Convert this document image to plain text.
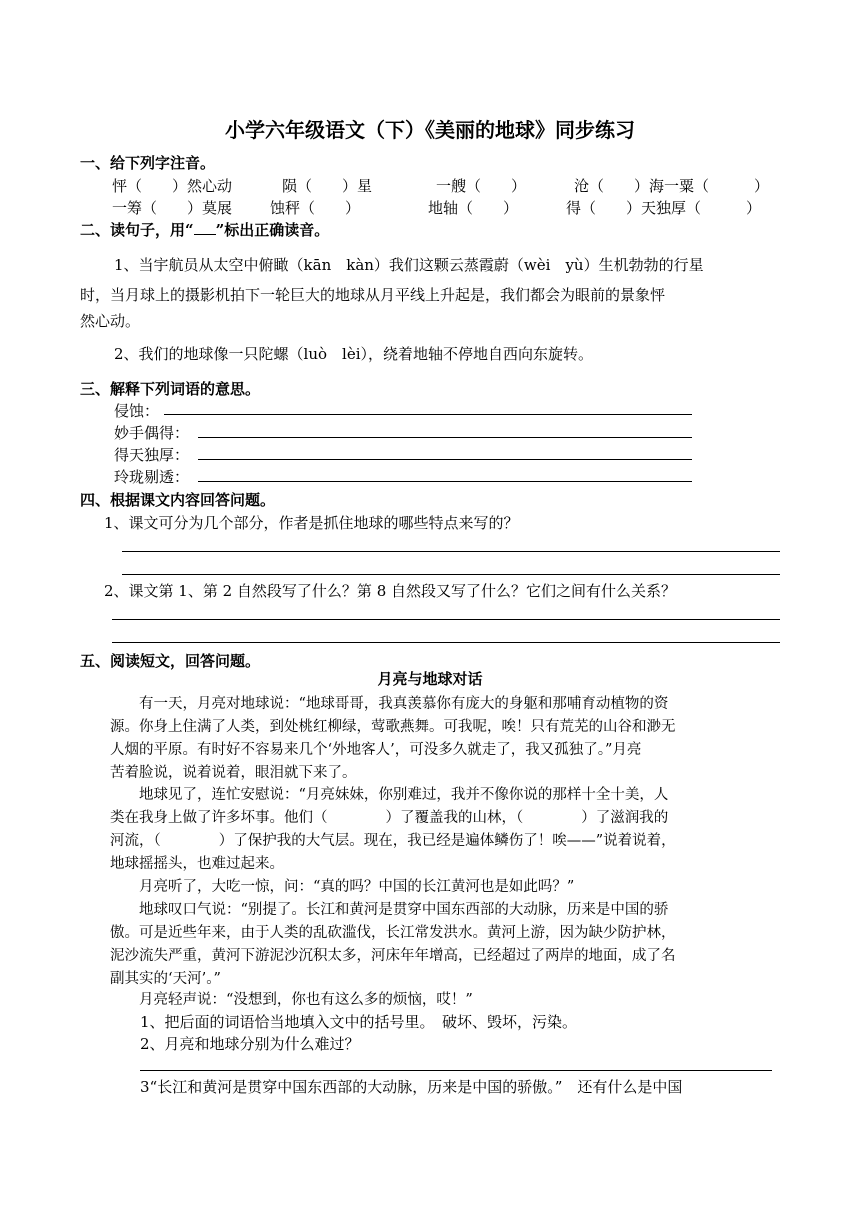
小学六年级语文（下）《美丽的地球》同步练习
一、给下列字注音。
怦（　　）然心动	陨（　　）星	一艘（　　）	沧（　　）海一粟（　　　）
一筹（　　）莫展	蚀秤（　　）	地轴（　　）	得（　　）天独厚（　　　）
二、读句子，用“ ”标出正确读音。
1、当宇航员从太空中俯瞰（kān　kàn）我们这颗云蒸霞蔚（wèi　yù）生机勃勃的行星
时，当月球上的摄影机拍下一轮巨大的地球从月平线上升起是，我们都会为眼前的景象怦
然心动。
2、我们的地球像一只陀螺（luò　lèi），绕着地轴不停地自西向东旋转。
三、解释下列词语的意思。
侵蚀：
妙手偶得：
得天独厚：
玲珑剔透：
四、根据课文内容回答问题。
1、课文可分为几个部分，作者是抓住地球的哪些特点来写的？
2、课文第 1、第 2 自然段写了什么？第 8 自然段又写了什么？它们之间有什么关系？
五、阅读短文，回答问题。
月亮与地球对话
　　有一天，月亮对地球说：“地球哥哥，我真羡慕你有庞大的身躯和那哺育动植物的资
源。你身上住满了人类，到处桃红柳绿，莺歌燕舞。可我呢，唉！只有荒芜的山谷和渺无
人烟的平原。有时好不容易来几个‘外地客人’，可没多久就走了，我又孤独了。”月亮
苦着脸说，说着说着，眼泪就下来了。
　　地球见了，连忙安慰说：“月亮妹妹，你别难过，我并不像你说的那样十全十美，人
类在我身上做了许多坏事。他们（　　　　）了覆盖我的山林，（　　　　）了滋润我的
河流，（　　　　）了保护我的大气层。现在，我已经是遍体鳞伤了！唉——”说着说着，
地球摇摇头，也难过起来。
　　月亮听了，大吃一惊，问：“真的吗？中国的长江黄河也是如此吗？”
　　地球叹口气说：“别提了。长江和黄河是贯穿中国东西部的大动脉，历来是中国的骄
傲。可是近些年来，由于人类的乱砍滥伐，长江常发洪水。黄河上游，因为缺少防护林，
泥沙流失严重，黄河下游泥沙沉积太多，河床年年增高，已经超过了两岸的地面，成了名
副其实的‘天河’。”
　　月亮轻声说：“没想到，你也有这么多的烦恼，哎！”
1、把后面的词语恰当地填入文中的括号里。　破坏、毁坏，污染。
2、月亮和地球分别为什么难过？
3“长江和黄河是贯穿中国东西部的大动脉，历来是中国的骄傲。”　还有什么是中国
